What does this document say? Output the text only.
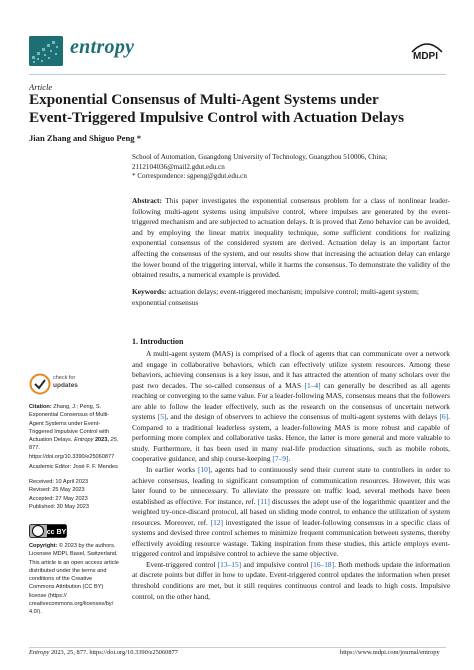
entropy	MDPI
Article
Exponential Consensus of Multi-Agent Systems under
Event-Triggered Impulsive Control with Actuation Delays
Jian Zhang and Shiguo Peng *
School of Automation, Guangdong University of Technology, Guangzhou 510006, China;
2112104036@mail2.gdut.edu.cn
* Correspondence: sgpeng@gdut.edu.cn
Abstract: This paper investigates the exponential consensus problem for a class of nonlinear leader-following multi-agent systems using impulsive control, where impulses are generated by the event-triggered mechanism and are subjected to actuation delays. It is proved that Zeno behavior can be avoided, and by employing the linear matrix inequality technique, some sufficient conditions for realizing exponential consensus of the considered system are derived. Actuation delay is an important factor affecting the consensus of the system, and our results show that increasing the actuation delay can enlarge the lower bound of the triggering interval, while it harms the consensus. To demonstrate the validity of the obtained results, a numerical example is provided.
Keywords: actuation delays; event-triggered mechanism; impulsive control; multi-agent system; exponential consensus
1. Introduction

A multi-agent system (MAS) is comprised of a flock of agents that can communicate over a network and engage in collaborative behaviors, which can effectively utilize system resources. Among these behaviors, achieving consensus is a key issue, and it has attracted the attention of many scholars over the past two decades. The so-called consensus of a MAS [1–4] can generally be described as all agents reaching or converging to the same value. For a leader-following MAS, consensus means that the followers are able to follow the leader effectively, such as the research on the consensus of uncertain network systems [5], and the design of observers to achieve the consensus of multi-agent systems with delays [6]. Compared to a traditional leaderless system, a leader-following MAS is more robust and capable of performing more complex and collaborative tasks. Hence, the latter is more general and more valuable to study. Furthermore, it has been used in many real-life production situations, such as mobile robots, cooperative guidance, and ship course-keeping [7–9].

In earlier works [10], agents had to continuously send their current state to controllers in order to achieve consensus, leading to significant consumption of communication resources. However, this was later found to be unnecessary. To alleviate the pressure on traffic load, several methods have been established as effective. For instance, ref. [11] discusses the adept use of the logarithmic quantizer and the weighted try-once-discard protocol, all based on sliding mode control, to enhance the utilization of system resources. Moreover, ref. [12] investigated the issue of leader-following consensus in a specific class of systems and devised three control schemes to minimize frequent communication between systems, thereby effectively avoiding resource wastage. Taking inspiration from these studies, this article employs event-triggered control and impulsive control to achieve the same objective.

Event-triggered control [13–15] and impulsive control [16–18]. Both methods update the information at discrete points but differ in how to update. Event-triggered control updates the information when preset threshold conditions are met, but it still requires continuous control and leads to high costs. Impulsive control, on the other hand,

check for
updates
Citation: Zhang, J.; Peng, S. Exponential Consensus of Multi-Agent Systems under Event-Triggered Impulsive Control with Actuation Delays. Entropy 2023, 25, 877. https://doi.org/10.3390/e25060877
Academic Editor: José F. F. Mendes
Received: 10 April 2023
Revised: 25 May 2023
Accepted: 27 May 2023
Published: 30 May 2023
cc BY
Copyright: © 2023 by the authors. Licensee MDPI, Basel, Switzerland. This article is an open access article distributed under the terms and conditions of the Creative Commons Attribution (CC BY) license (https:// creativecommons.org/licenses/by/ 4.0/).
Entropy 2023, 25, 877. https://doi.org/10.3390/e25060877	https://www.mdpi.com/journal/entropy
